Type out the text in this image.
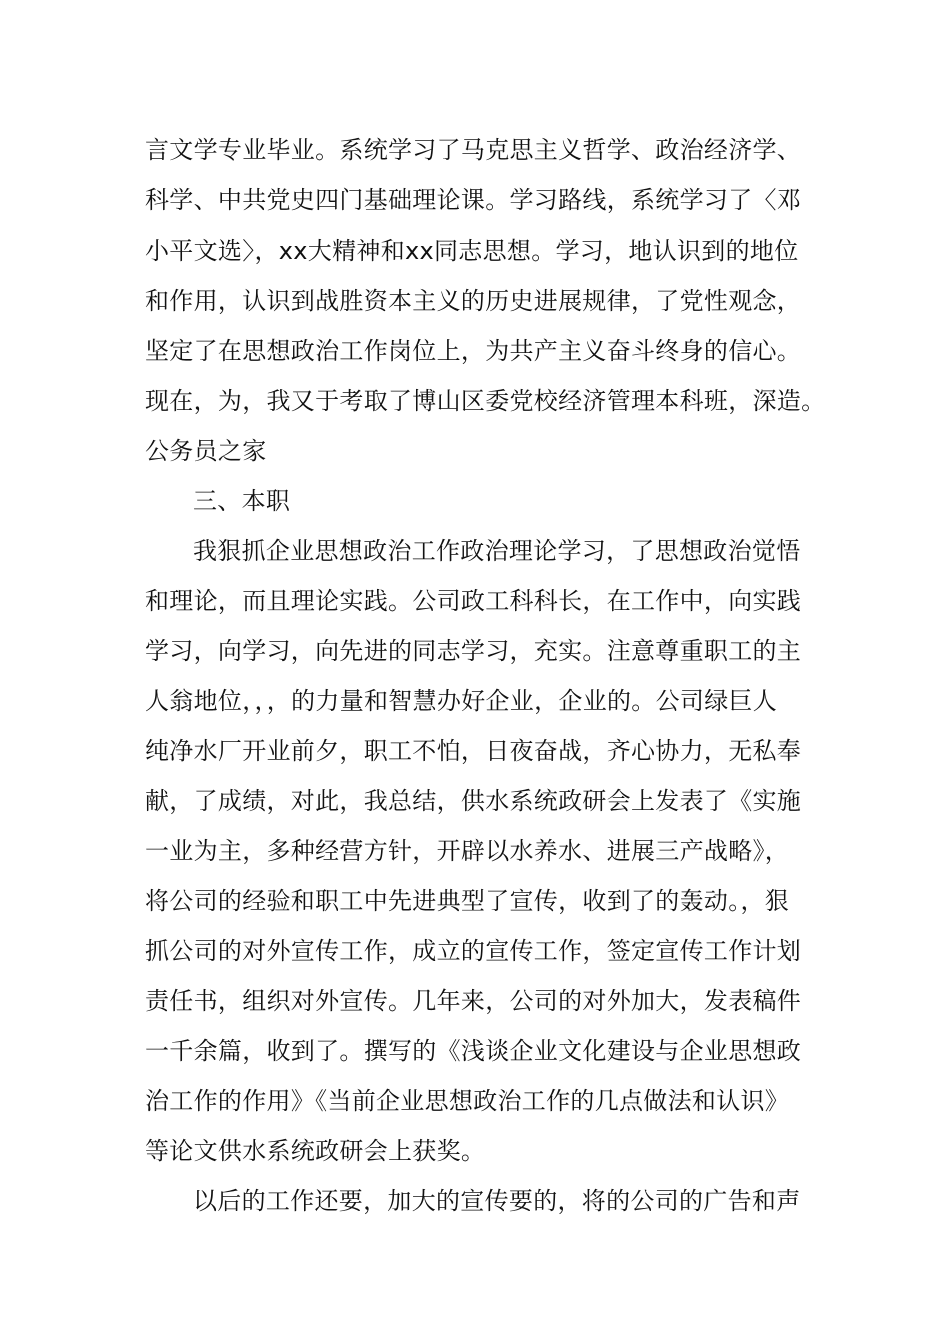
言文学专业毕业。系统学习了马克思主义哲学、政治经济学、
科学、中共党史四门基础理论课。学习路线，系统学习了〈邓
小平文选〉，xx大精神和xx同志思想。学习，地认识到的地位
和作用，认识到战胜资本主义的历史进展规律，了党性观念，
坚定了在思想政治工作岗位上，为共产主义奋斗终身的信心。
现在，为，我又于考取了博山区委党校经济管理本科班，深造。
公务员之家
三、本职
我狠抓企业思想政治工作政治理论学习，了思想政治觉悟
和理论，而且理论实践。公司政工科科长，在工作中，向实践
学习，向学习，向先进的同志学习，充实。注意尊重职工的主
人翁地位，，，的力量和智慧办好企业，企业的。公司绿巨人
纯净水厂开业前夕，职工不怕，日夜奋战，齐心协力，无私奉
献，了成绩，对此，我总结，供水系统政研会上发表了《实施
一业为主，多种经营方针，开辟以水养水、进展三产战略》，
将公司的经验和职工中先进典型了宣传，收到了的轰动。，狠
抓公司的对外宣传工作，成立的宣传工作，签定宣传工作计划
责任书，组织对外宣传。几年来，公司的对外加大，发表稿件
一千余篇，收到了。撰写的《浅谈企业文化建设与企业思想政
治工作的作用》《当前企业思想政治工作的几点做法和认识》
等论文供水系统政研会上获奖。
以后的工作还要，加大的宣传要的，将的公司的广告和声
